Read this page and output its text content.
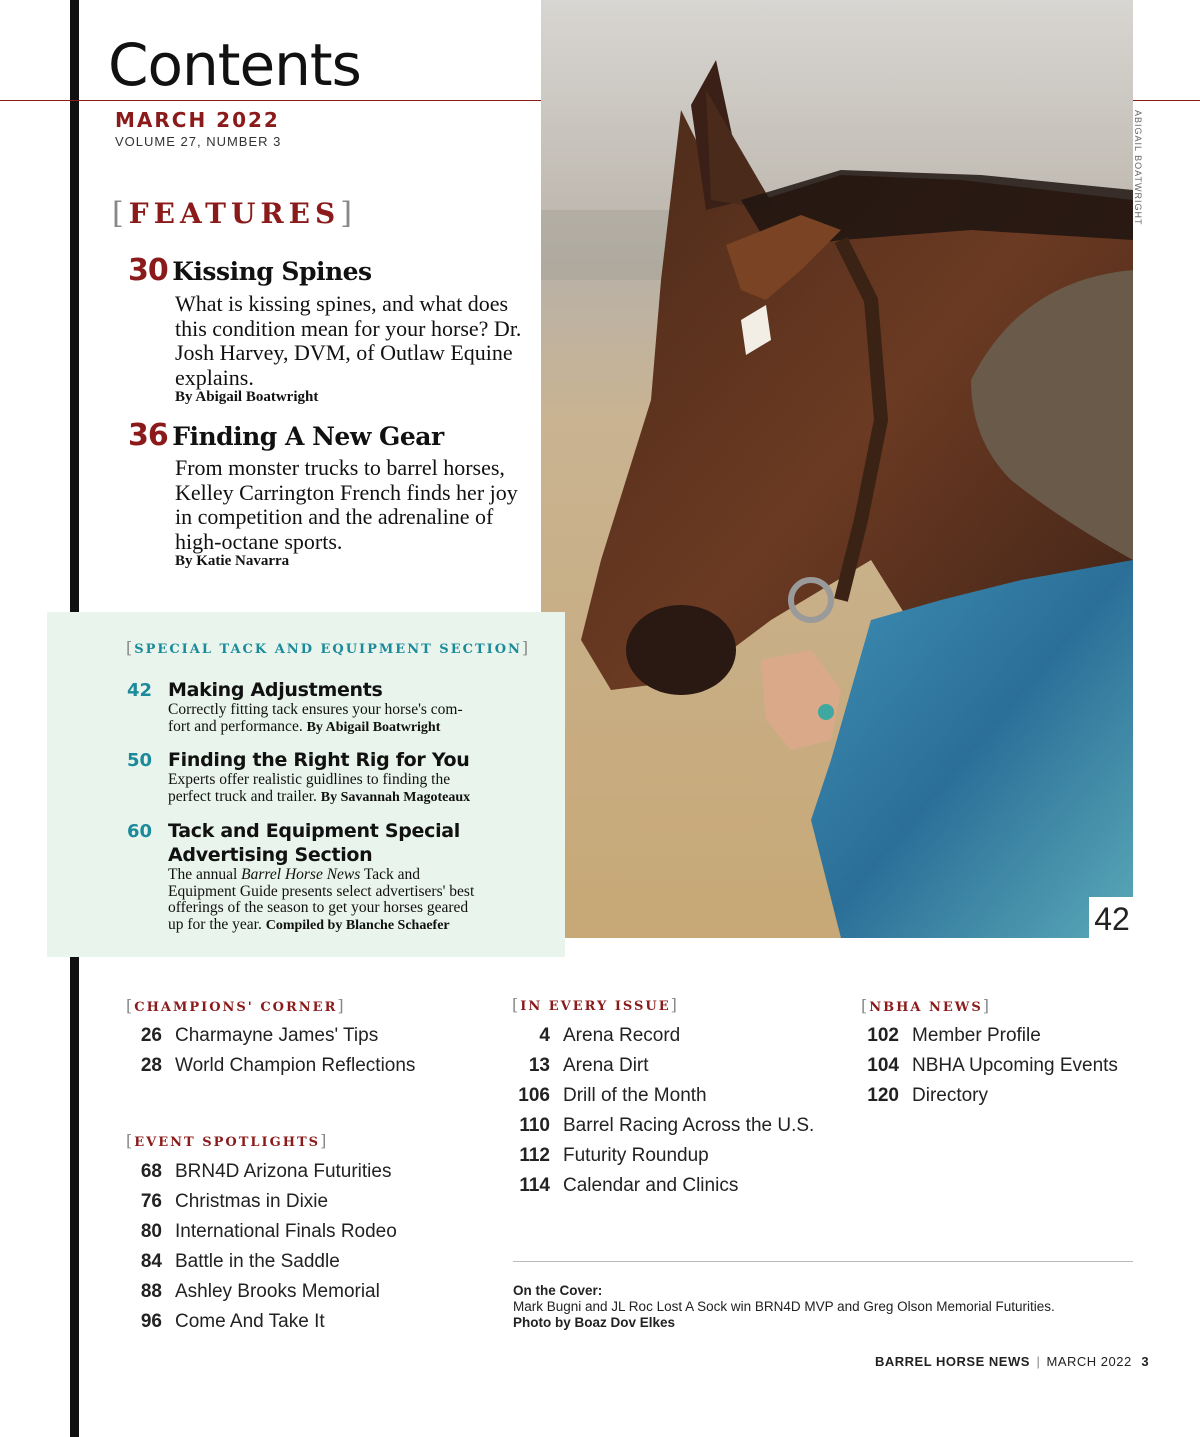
Contents
MARCH 2022
VOLUME 27, NUMBER 3
[FEATURES]
30 Kissing Spines
What is kissing spines, and what does this condition mean for your horse? Dr. Josh Harvey, DVM, of Outlaw Equine explains.
By Abigail Boatwright
36 Finding A New Gear
From monster trucks to barrel horses, Kelley Carrington French finds her joy in competition and the adrenaline of high-octane sports.
By Katie Navarra
ABIGAIL BOATWRIGHT
42
[SPECIAL TACK AND EQUIPMENT SECTION]
42 Making Adjustments
Correctly fitting tack ensures your horse's com-
fort and performance. By Abigail Boatwright
50 Finding the Right Rig for You
Experts offer realistic guidlines to finding the
perfect truck and trailer. By Savannah Magoteaux
60 Tack and Equipment Special
Advertising Section
The annual Barrel Horse News Tack and
Equipment Guide presents select advertisers' best
offerings of the season to get your horses geared
up for the year. Compiled by Blanche Schaefer
[CHAMPIONS' CORNER]
26 Charmayne James' Tips
28 World Champion Reflections
[EVENT SPOTLIGHTS]
68 BRN4D Arizona Futurities
76 Christmas in Dixie
80 International Finals Rodeo
84 Battle in the Saddle
88 Ashley Brooks Memorial
96 Come And Take It
[IN EVERY ISSUE]
4 Arena Record
13 Arena Dirt
106 Drill of the Month
110 Barrel Racing Across the U.S.
112 Futurity Roundup
114 Calendar and Clinics
[NBHA NEWS]
102 Member Profile
104 NBHA Upcoming Events
120 Directory
On the Cover:
Mark Bugni and JL Roc Lost A Sock win BRN4D MVP and Greg Olson Memorial Futurities.
Photo by Boaz Dov Elkes
BARREL HORSE NEWS | MARCH 2022 3
